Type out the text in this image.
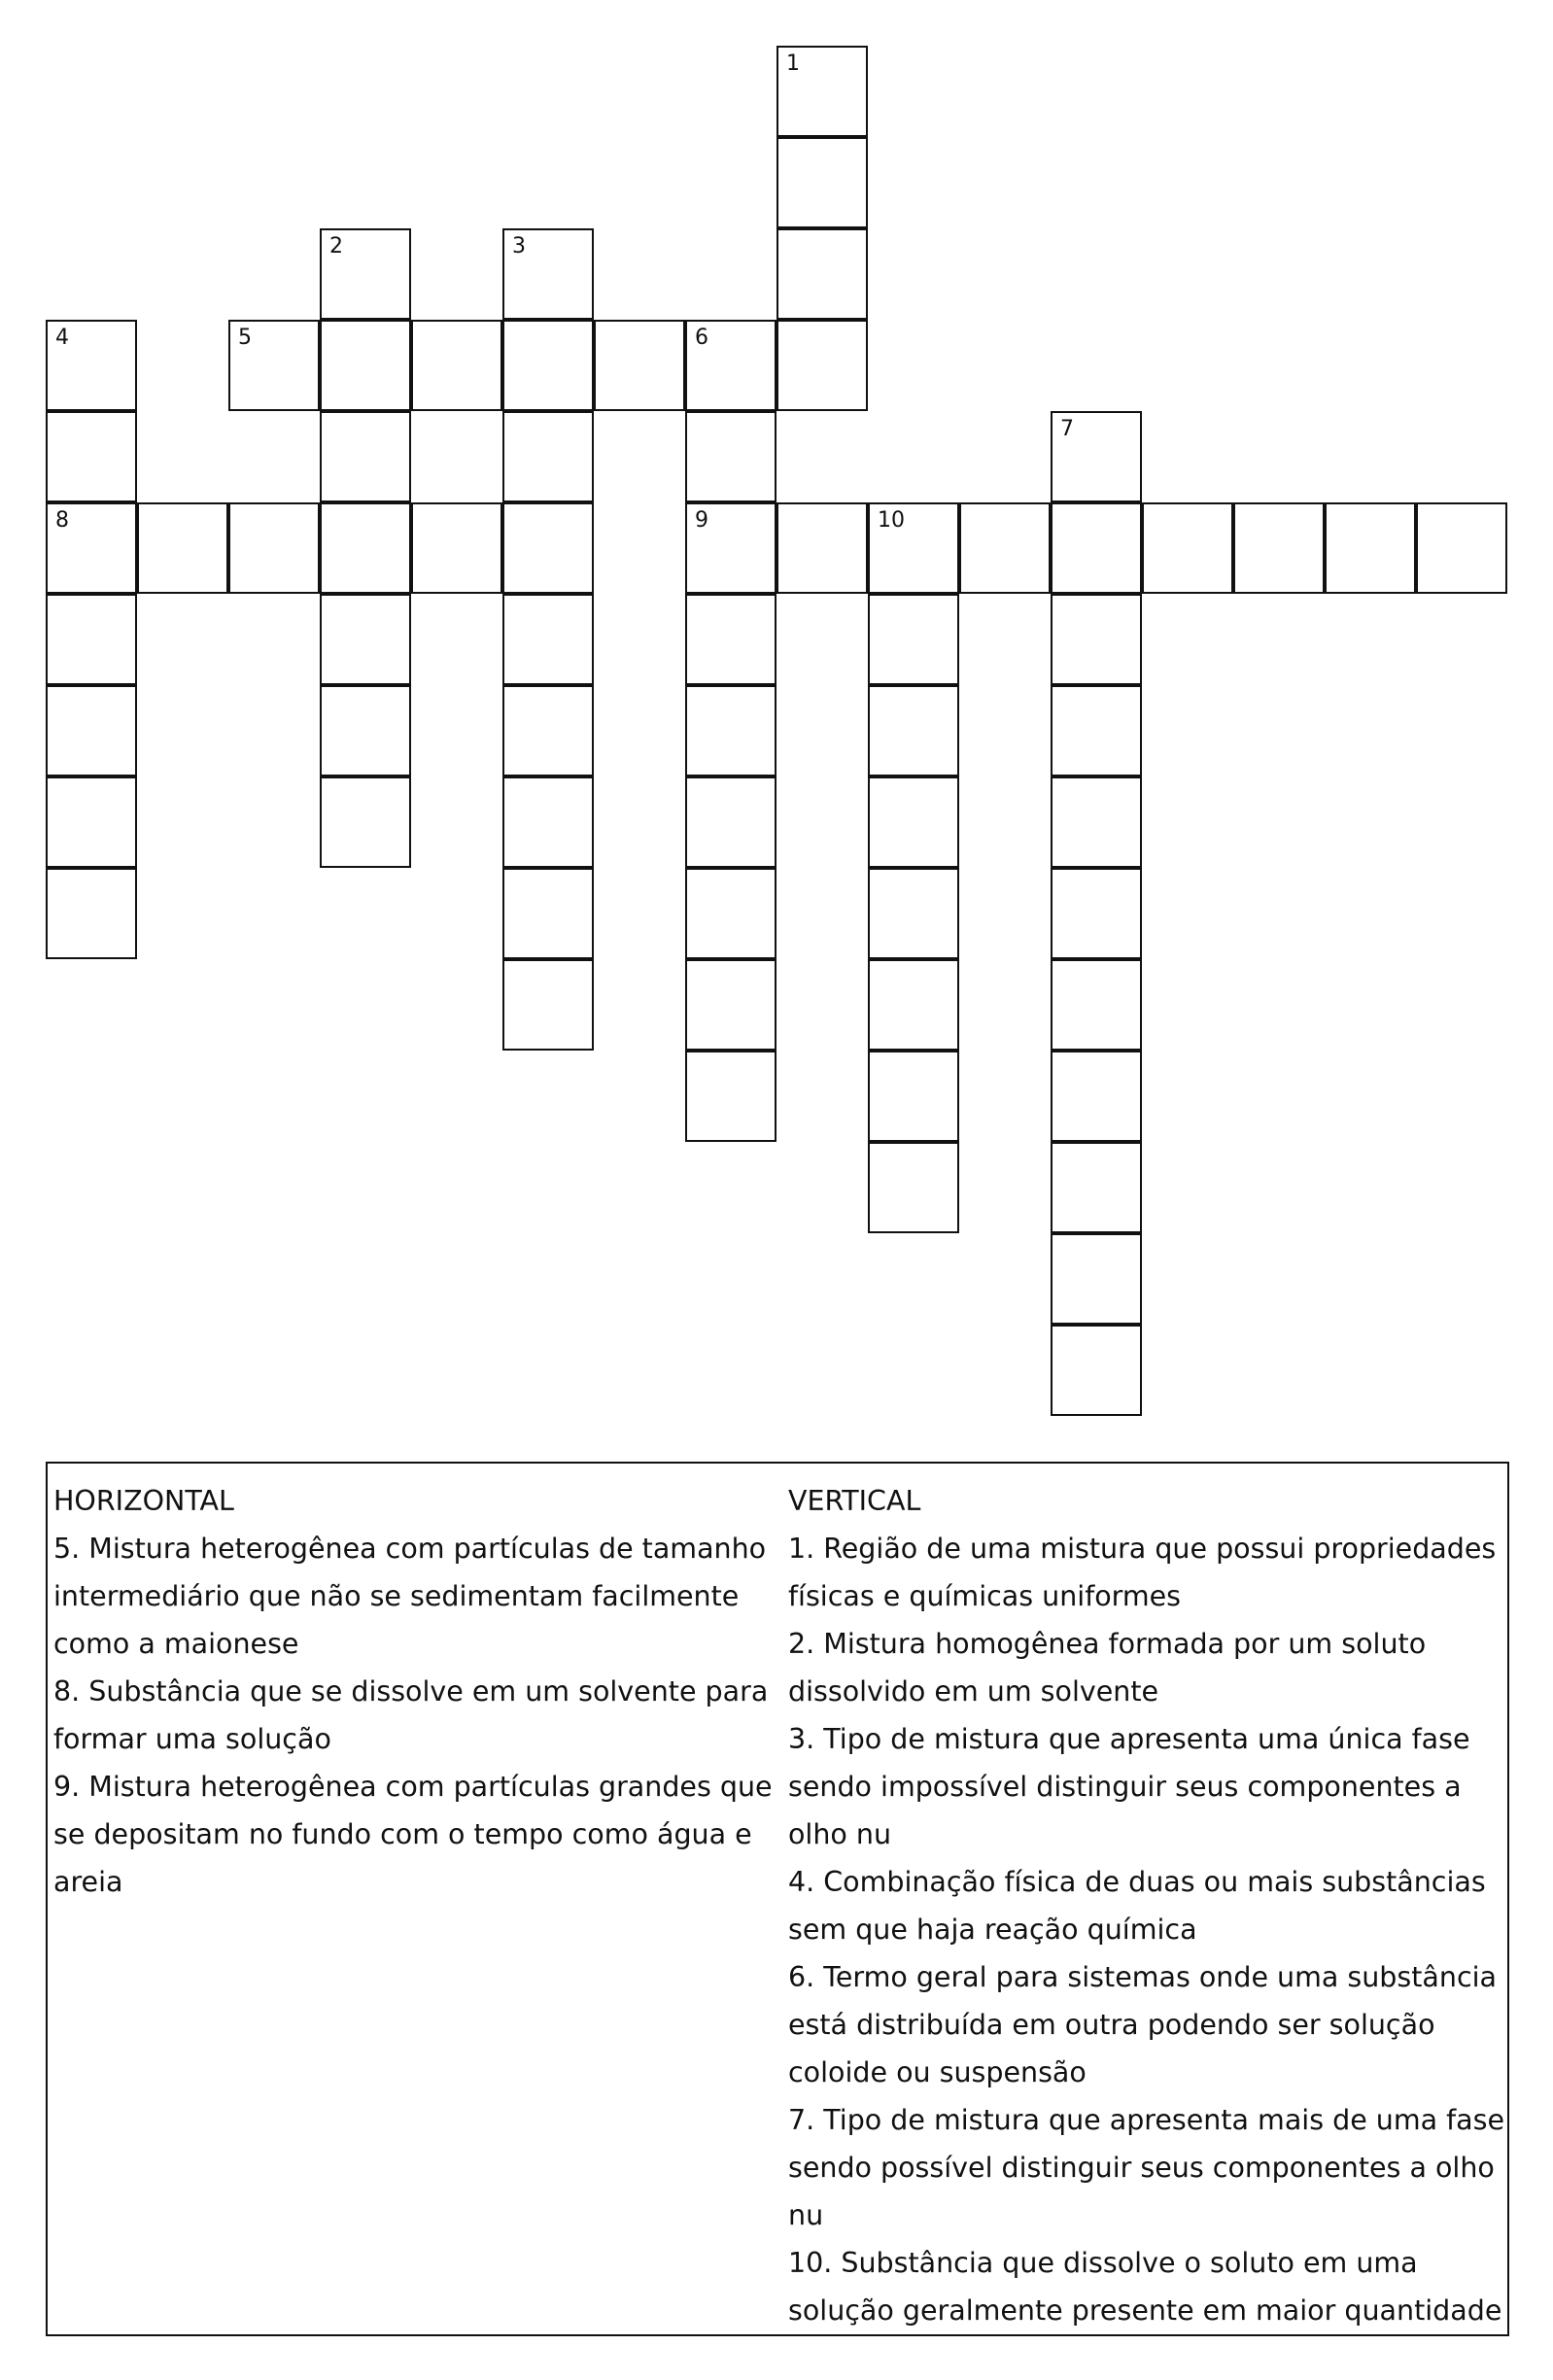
1
2	3
4
8
5	6
9
7
10
HORIZONTAL
5. Mistura heterogênea com partículas de tamanho intermediário que não se sedimentam facilmente como a maionese
8. Substância que se dissolve em um solvente para formar uma solução
9. Mistura heterogênea com partículas grandes que se depositam no fundo com o tempo como água e areia
VERTICAL
1. Região de uma mistura que possui propriedades físicas e químicas uniformes
2. Mistura homogênea formada por um soluto dissolvido em um solvente
3. Tipo de mistura que apresenta uma única fase sendo impossível distinguir seus componentes a olho nu
4. Combinação física de duas ou mais substâncias sem que haja reação química
6. Termo geral para sistemas onde uma substância está distribuída em outra podendo ser solução coloide ou suspensão
7. Tipo de mistura que apresenta mais de uma fase sendo possível distinguir seus componentes a olho nu
10. Substância que dissolve o soluto em uma solução geralmente presente em maior quantidade
